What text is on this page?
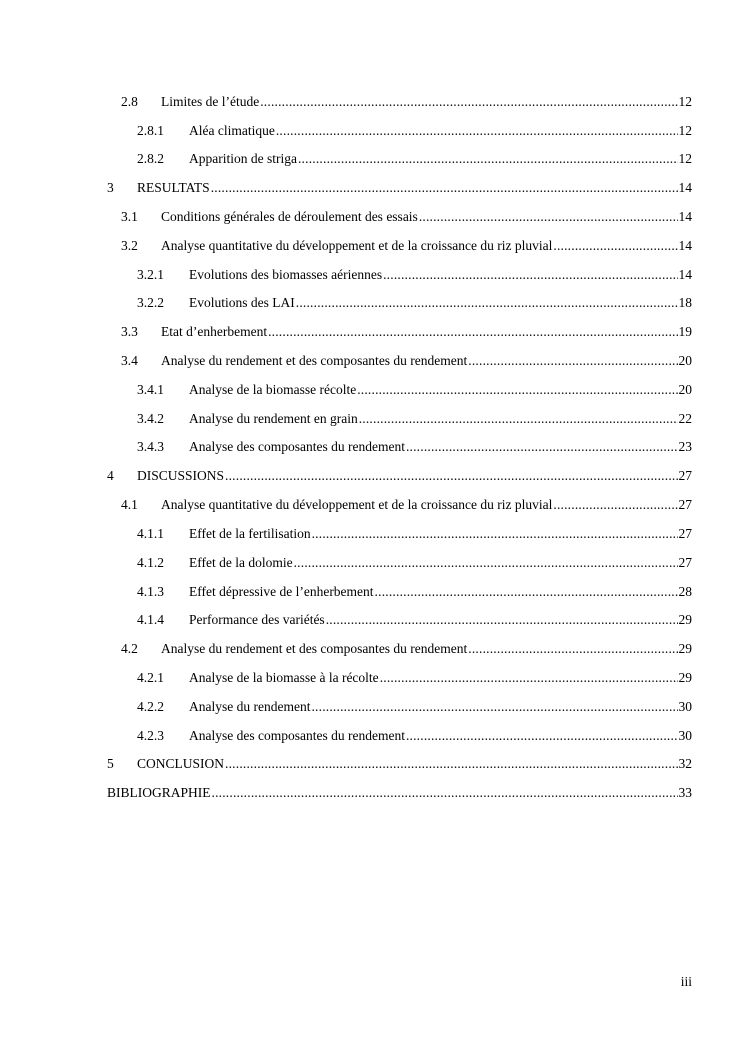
2.8	Limites de l’étude .....	12
2.8.1	Aléa climatique .....	12
2.8.2	Apparition de striga .....	12
3	RESULTATS .....	14
3.1	Conditions générales de déroulement des essais .....	14
3.2	Analyse quantitative du développement et de la croissance du riz pluvial .....	14
3.2.1	Evolutions des biomasses aériennes .....	14
3.2.2	Evolutions des LAI .....	18
3.3	Etat d’enherbement .....	19
3.4	Analyse du rendement et des composantes du rendement .....	20
3.4.1	Analyse de la biomasse récolte .....	20
3.4.2	Analyse du rendement en grain .....	22
3.4.3	Analyse des composantes du rendement .....	23
4	DISCUSSIONS .....	27
4.1	Analyse quantitative du développement et de la croissance du riz pluvial .....	27
4.1.1	Effet de la fertilisation .....	27
4.1.2	Effet de la dolomie .....	27
4.1.3	Effet dépressive de l’enherbement .....	28
4.1.4	Performance des variétés .....	29
4.2	Analyse du rendement et des composantes du rendement .....	29
4.2.1	Analyse de la biomasse à la récolte .....	29
4.2.2	Analyse du rendement .....	30
4.2.3	Analyse des composantes du rendement .....	30
5	CONCLUSION .....	32
BIBLIOGRAPHIE .....	33
iii
